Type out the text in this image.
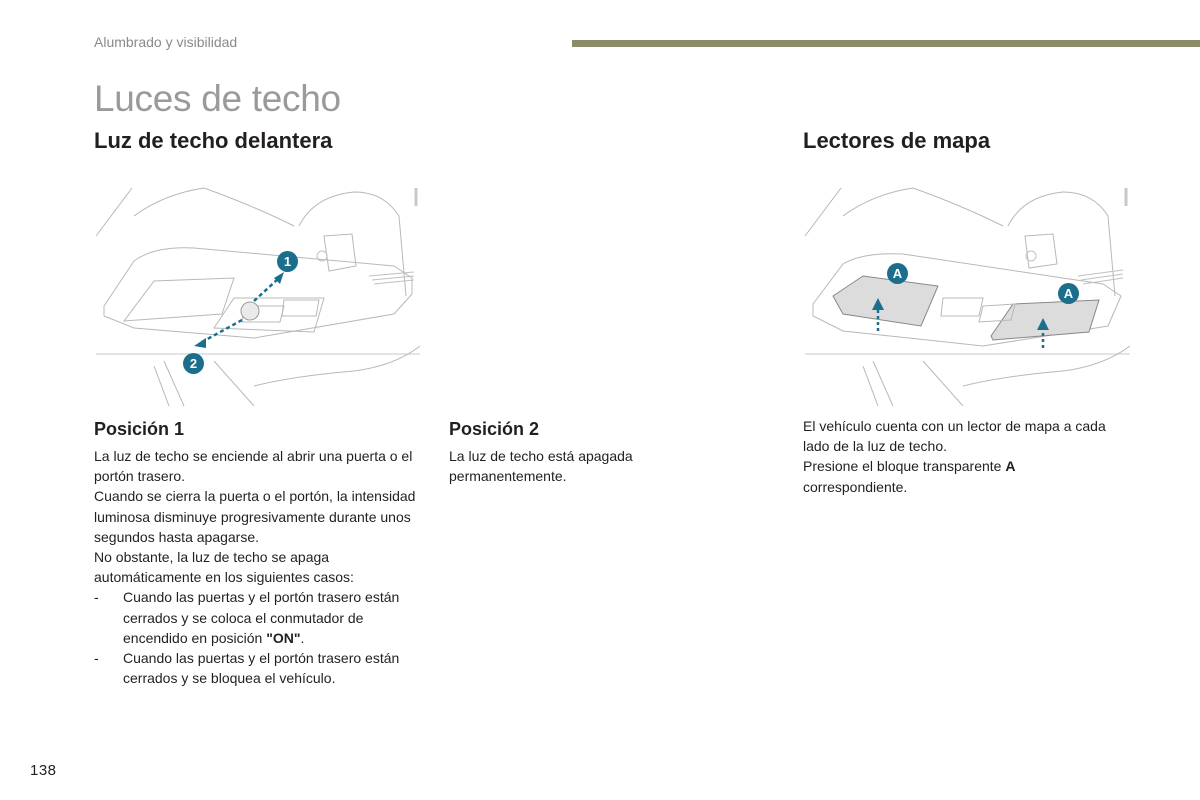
Alumbrado y visibilidad
Luces de techo
Luz de techo delantera	Lectores de mapa
1
2
A
A
Posición 1	Posición 2

La luz de techo se enciende al abrir una puerta o el portón trasero.

Cuando se cierra la puerta o el portón, la intensidad luminosa disminuye progresivamente durante unos segundos hasta apagarse.

No obstante, la luz de techo se apaga automáticamente en los siguientes casos:

- Cuando las puertas y el portón trasero están cerrados y se coloca el conmutador de encendido en posición "ON".
- Cuando las puertas y el portón trasero están cerrados y se bloquea el vehículo.

La luz de techo está apagada permanentemente.

El vehículo cuenta con un lector de mapa a cada lado de la luz de techo.

Presione el bloque transparente A correspondiente.

138
